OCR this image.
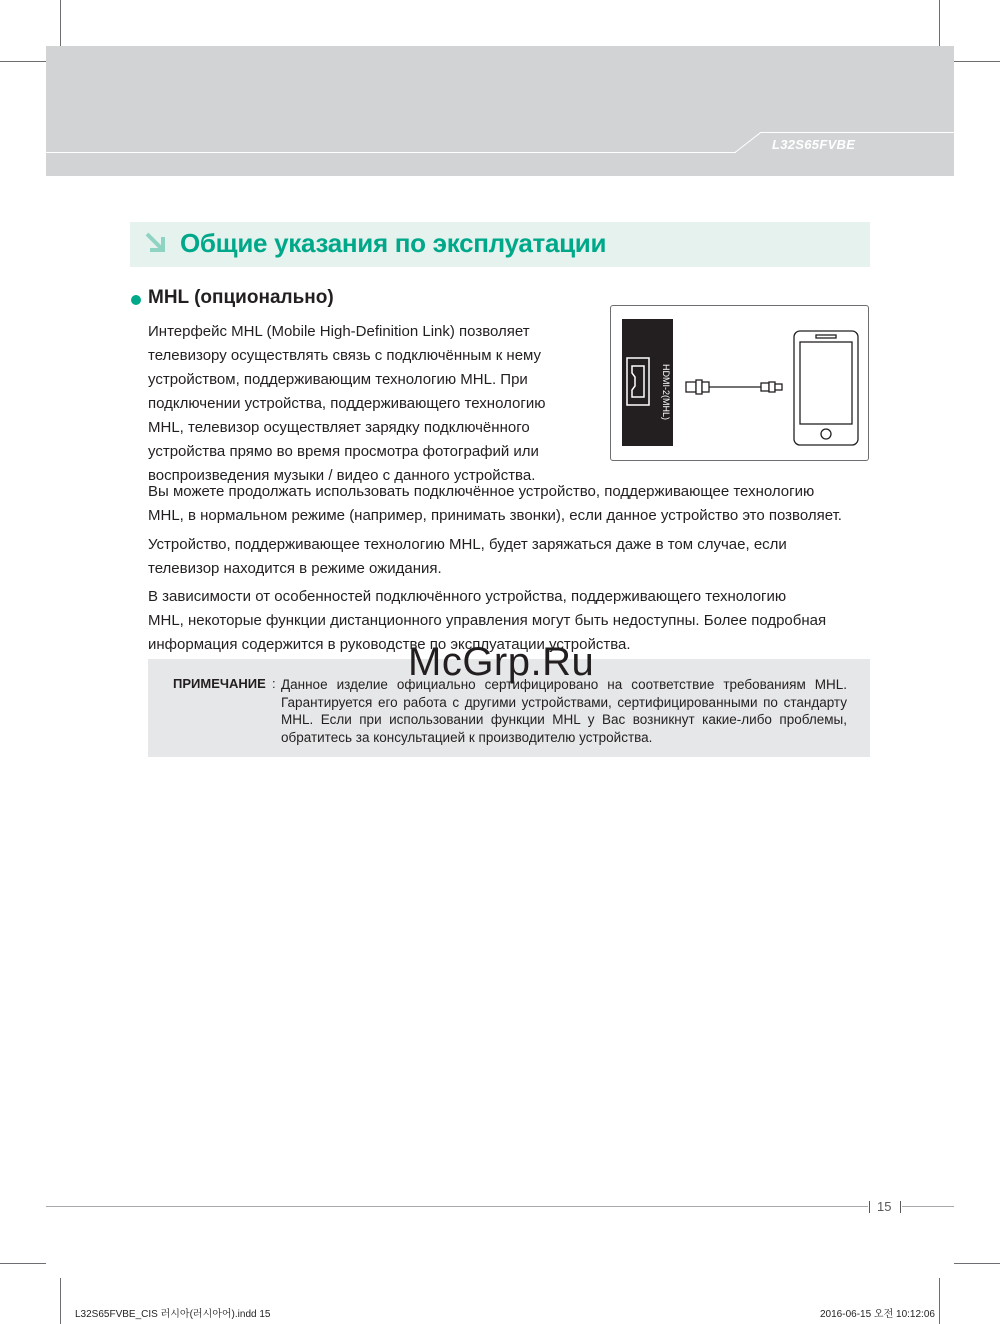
L32S65FVBE
Общие указания по эксплуатации
MHL (опционально)
Интерфейс MHL (Mobile High-Definition Link) позволяет
телевизору осуществлять связь с подключённым к нему
устройством, поддерживающим технологию MHL. При
подключении устройства, поддерживающего технологию
MHL, телевизор осуществляет зарядку подключённого
устройства прямо во время просмотра фотографий или
воспроизведения музыки / видео с данного устройства.
HDMI-2(MHL)
Вы можете продолжать использовать подключённое устройство, поддерживающее технологию
MHL, в нормальном режиме (например, принимать звонки), если данное устройство это позволяет.
Устройство, поддерживающее технологию MHL, будет заряжаться даже в том случае, если
телевизор находится в режиме ожидания.
В зависимости от особенностей подключённого устройства, поддерживающего технологию
MHL, некоторые функции дистанционного управления могут быть недоступны. Более подробная
информация содержится в руководстве по эксплуатации устройства.
ПРИМЕЧАНИЕ : Данное изделие официально сертифицировано на соответствие требованиям MHL.
Гарантируется его работа с другими устройствами, сертифицированными по стандарту
MHL. Если при использовании функции MHL у Вас возникнут какие-либо проблемы,
обратитесь за консультацией к производителю устройства.
McGrp.Ru
15
L32S65FVBE_CIS 러시아(러시아어).indd 15	2016-06-15 오전 10:12:06
